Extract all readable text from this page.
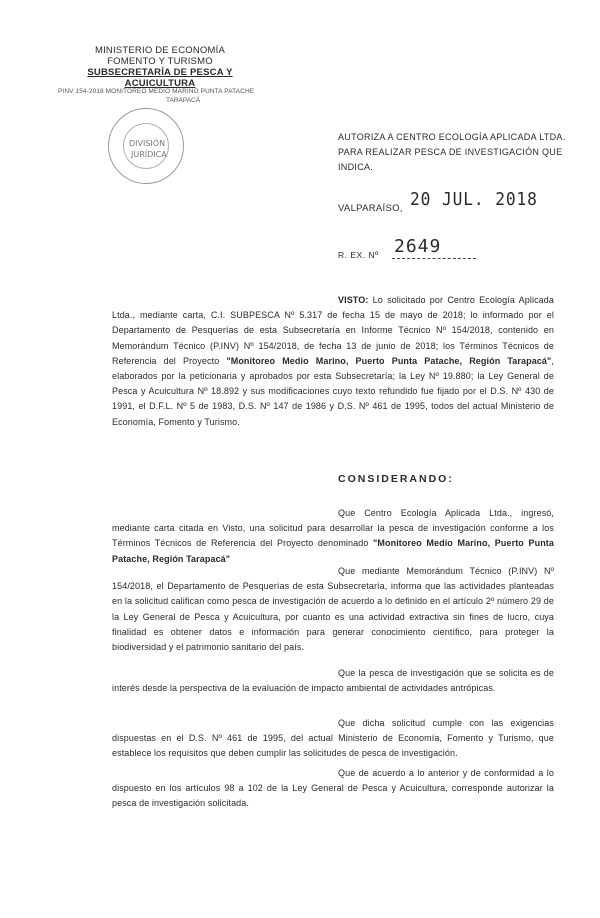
MINISTERIO DE ECONOMÍA
FOMENTO Y TURISMO
SUBSECRETARÍA DE PESCA Y ACUICULTURA
PINV 154-2018 MONITOREO MEDIO MARINO PUNTA PATACHE
TARAPACÁ
DIVISIÓN
JURÍDICA
AUTORIZA A CENTRO ECOLOGÍA APLICADA LTDA. PARA REALIZAR PESCA DE INVESTIGACIÓN QUE INDICA.
VALPARAÍSO, 20 JUL. 2018
R. EX. Nº 2649
VISTO: Lo solicitado por Centro Ecología Aplicada Ltda., mediante carta, C.I. SUBPESCA Nº 5.317 de fecha 15 de mayo de 2018; lo informado por el Departamento de Pesquerías de esta Subsecretaría en Informe Técnico Nº 154/2018, contenido en Memorándum Técnico (P.INV) Nº 154/2018, de fecha 13 de junio de 2018; los Términos Técnicos de Referencia del Proyecto "Monitoreo Medio Marino, Puerto Punta Patache, Región Tarapacá", elaborados por la peticionaria y aprobados por esta Subsecretaría; la Ley Nº 19.880; la Ley General de Pesca y Acuicultura Nº 18.892 y sus modificaciones cuyo texto refundido fue fijado por el D.S. Nº 430 de 1991, el D.F.L. Nº 5 de 1983, D.S. Nº 147 de 1986 y D.S. Nº 461 de 1995, todos del actual Ministerio de Economía, Fomento y Turismo.
CONSIDERANDO:
Que Centro Ecología Aplicada Ltda., ingresó, mediante carta citada en Visto, una solicitud para desarrollar la pesca de investigación conforme a los Términos Técnicos de Referencia del Proyecto denominado "Monitoreo Medio Marino, Puerto Punta Patache, Región Tarapacá"
Que mediante Memorándum Técnico (P.INV) Nº 154/2018, el Departamento de Pesquerías de esta Subsecretaría, informa que las actividades planteadas en la solicitud califican como pesca de investigación de acuerdo a lo definido en el artículo 2º número 29 de la Ley General de Pesca y Acuicultura, por cuanto es una actividad extractiva sin fines de lucro, cuya finalidad es obtener datos e información para generar conocimiento científico, para proteger la biodiversidad y el patrimonio sanitario del país.
Que la pesca de investigación que se solicita es de interés desde la perspectiva de la evaluación de impacto ambiental de actividades antrópicas.
Que dicha solicitud cumple con las exigencias dispuestas en el D.S. Nº 461 de 1995, del actual Ministerio de Economía, Fomento y Turismo, que establece los requisitos que deben cumplir las solicitudes de pesca de investigación.
Que de acuerdo a lo anterior y de conformidad a lo dispuesto en los artículos 98 a 102 de la Ley General de Pesca y Acuicultura, corresponde autorizar la pesca de investigación solicitada.
